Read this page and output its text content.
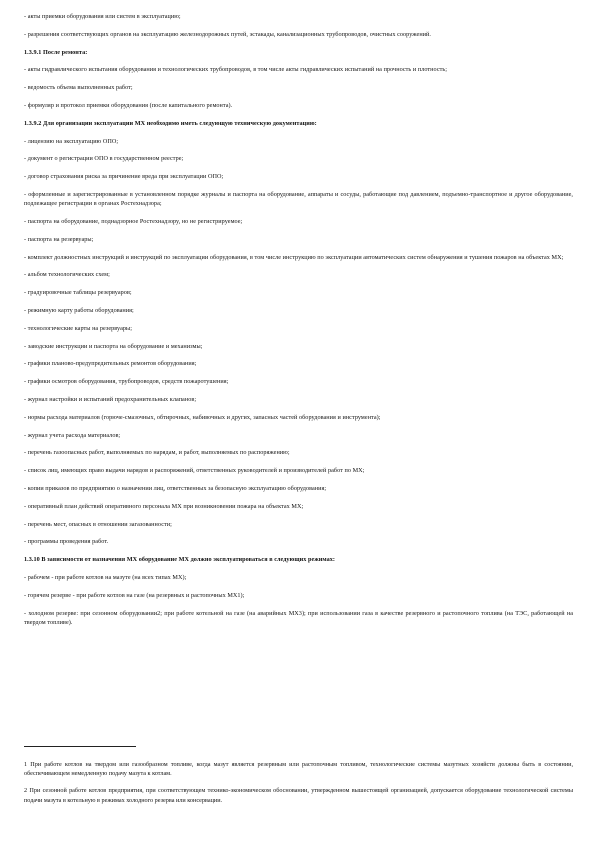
- акты приемки оборудования или систем в эксплуатацию;

- разрешения соответствующих органов на эксплуатацию железнодорожных путей, эстакады, канализационных трубопроводов, очистных сооружений.

1.3.9.1 После ремонта:

- акты гидравлического испытания оборудования и технологических трубопроводов, в том числе акты гидравлических испытаний на прочность и плотность;

- ведомость объема выполненных работ;

- формуляр и протокол приемки оборудования (после капитального ремонта).

1.3.9.2 Для организации эксплуатации МХ необходимо иметь следующую техническую документацию:

- лицензию на эксплуатацию ОПО;

- документ о регистрации ОПО в государственном реестре;

- договор страхования риска за причинение вреда при эксплуатации ОПО;

- оформленные и зарегистрированные в установленном порядке журналы и паспорта на оборудование, аппараты и сосуды, работающие под давлением, подъемно-транспортное и другое оборудование, подлежащее регистрации в органах Ростехнадзора;

- паспорта на оборудование, поднадзорное Ростехнадзору, но не регистрируемое;

- паспорта на резервуары;

- комплект должностных инструкций и инструкций по эксплуатации оборудования, в том числе инструкцию по эксплуатации автоматических систем обнаружения и тушения пожаров на объектах МХ;

- альбом технологических схем;

- градуировочные таблицы резервуаров;

- режимную карту работы оборудования;

- технологические карты на резервуары;

- заводские инструкции и паспорта на оборудование и механизмы;

- графики планово-предупредительных ремонтов оборудования;

- графики осмотров оборудования, трубопроводов, средств пожаротушения;

- журнал настройки и испытаний предохранительных клапанов;

- нормы расхода материалов (горюче-смазочных, обтирочных, набивочных и других, запасных частей оборудования и инструмента);

- журнал учета расхода материалов;

- перечень газоопасных работ, выполняемых по нарядам, и работ, выполняемых по распоряжению;

- список лиц, имеющих право выдачи нарядов и распоряжений, ответственных руководителей и производителей работ по МХ;

- копии приказов по предприятию о назначении лиц, ответственных за безопасную эксплуатацию оборудования;

- оперативный план действий оперативного персонала МХ при возникновении пожара на объектах МХ;

- перечень мест, опасных в отношении загазованности;

- программы проведения работ.

1.3.10 В зависимости от назначения МХ оборудование МХ должно эксплуатироваться в следующих режимах:

- рабочем - при работе котлов на мазуте (на всех типах МХ);

- горячем резерве - при работе котлов на газе (на резервных и растопочных МХ1);

- холодном резерве: при сезонном оборудовании2; при работе котельной на газе (на аварийных МХ3); при использовании газа в качестве резервного и растопочного топлива (на ТЭС, работающей на твердом топливе).

1 При работе котлов на твердом или газообразном топливе, когда мазут является резервным или растопочным топливом, технологические системы мазутных хозяйств должны быть в состоянии, обеспечивающем немедленную подачу мазута к котлам.

2 При сезонной работе котлов предприятия, при соответствующем технико-экономическом обосновании, утвержденном вышестоящей организацией, допускается оборудование технологической системы подачи мазута в котельную в режимах холодного резерва или консервации.
